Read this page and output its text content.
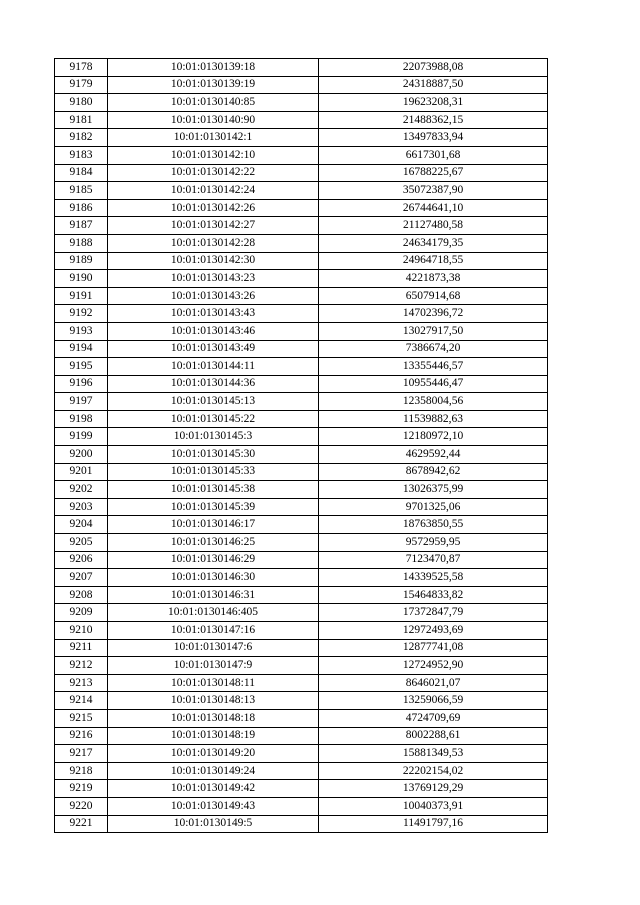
9178	10:01:0130139:18	22073988,08
9179	10:01:0130139:19	24318887,50
9180	10:01:0130140:85	19623208,31
9181	10:01:0130140:90	21488362,15
9182	10:01:0130142:1	13497833,94
9183	10:01:0130142:10	6617301,68
9184	10:01:0130142:22	16788225,67
9185	10:01:0130142:24	35072387,90
9186	10:01:0130142:26	26744641,10
9187	10:01:0130142:27	21127480,58
9188	10:01:0130142:28	24634179,35
9189	10:01:0130142:30	24964718,55
9190	10:01:0130143:23	4221873,38
9191	10:01:0130143:26	6507914,68
9192	10:01:0130143:43	14702396,72
9193	10:01:0130143:46	13027917,50
9194	10:01:0130143:49	7386674,20
9195	10:01:0130144:11	13355446,57
9196	10:01:0130144:36	10955446,47
9197	10:01:0130145:13	12358004,56
9198	10:01:0130145:22	11539882,63
9199	10:01:0130145:3	12180972,10
9200	10:01:0130145:30	4629592,44
9201	10:01:0130145:33	8678942,62
9202	10:01:0130145:38	13026375,99
9203	10:01:0130145:39	9701325,06
9204	10:01:0130146:17	18763850,55
9205	10:01:0130146:25	9572959,95
9206	10:01:0130146:29	7123470,87
9207	10:01:0130146:30	14339525,58
9208	10:01:0130146:31	15464833,82
9209	10:01:0130146:405	17372847,79
9210	10:01:0130147:16	12972493,69
9211	10:01:0130147:6	12877741,08
9212	10:01:0130147:9	12724952,90
9213	10:01:0130148:11	8646021,07
9214	10:01:0130148:13	13259066,59
9215	10:01:0130148:18	4724709,69
9216	10:01:0130148:19	8002288,61
9217	10:01:0130149:20	15881349,53
9218	10:01:0130149:24	22202154,02
9219	10:01:0130149:42	13769129,29
9220	10:01:0130149:43	10040373,91
9221	10:01:0130149:5	11491797,16
